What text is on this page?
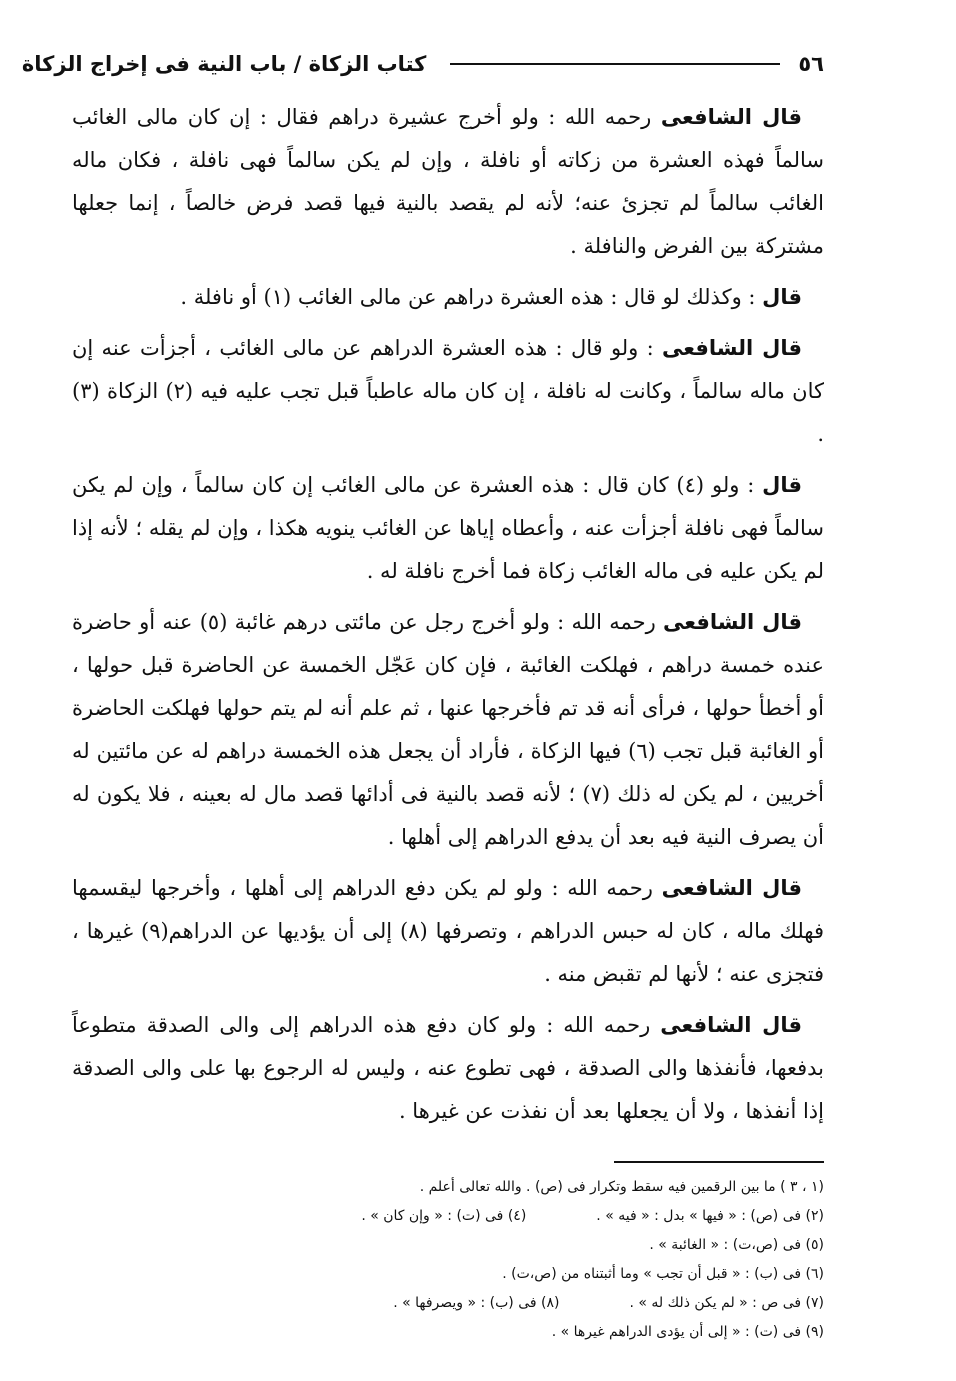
٥٦
كتاب الزكاة / باب النية فى إخراج الزكاة

قال الشافعى رحمه الله : ولو أخرج عشيرة دراهم فقال : إن كان مالى الغائب سالماً فهذه العشرة من زكاته أو نافلة ، وإن لم يكن سالماً فهى نافلة ، فكان ماله الغائب سالماً لم تجزئ عنه؛ لأنه لم يقصد بالنية فيها قصد فرض خالصاً ، إنما جعلها مشتركة بين الفرض والنافلة .

قال : وكذلك لو قال : هذه العشرة دراهم عن مالى الغائب (١) أو نافلة .

قال الشافعى : ولو قال : هذه العشرة الدراهم عن مالى الغائب ، أجزأت عنه إن كان ماله سالماً ، وكانت له نافلة ، إن كان ماله عاطباً قبل تجب عليه فيه (٢) الزكاة (٣) .

قال : ولو (٤) كان قال : هذه العشرة عن مالى الغائب إن كان سالماً ، وإن لم يكن سالماً فهى نافلة أجزأت عنه ، وأعطاه إياها عن الغائب ينويه هكذا ، وإن لم يقله ؛ لأنه إذا لم يكن عليه فى ماله الغائب زكاة فما أخرج نافلة له .

قال الشافعى رحمه الله : ولو أخرج رجل عن مائتى درهم غائبة (٥) عنه أو حاضرة عنده خمسة دراهم ، فهلكت الغائبة ، فإن كان عَجّل الخمسة عن الحاضرة قبل حولها ، أو أخطأ حولها ، فرأى أنه قد تم فأخرجها عنها ، ثم علم أنه لم يتم حولها فهلكت الحاضرة أو الغائبة قبل تجب (٦) فيها الزكاة ، فأراد أن يجعل هذه الخمسة دراهم له عن مائتين له أخريين ، لم يكن له ذلك (٧) ؛ لأنه قصد بالنية فى أدائها قصد مال له بعينه ، فلا يكون له أن يصرف النية فيه بعد أن يدفع الدراهم إلى أهلها .

قال الشافعى رحمه الله : ولو لم يكن دفع الدراهم إلى أهلها ، وأخرجها ليقسمها فهلك ماله ، كان له حبس الدراهم ، وتصرفها (٨) إلى أن يؤديها عن الدراهم(٩) غيرها ، فتجزى عنه ؛ لأنها لم تقبض منه .

قال الشافعى رحمه الله : ولو كان دفع هذه الدراهم إلى والى الصدقة متطوعاً بدفعها، فأنفذها والى الصدقة ، فهى تطوع عنه ، وليس له الرجوع بها على والى الصدقة إذا أنفذها ، ولا أن يجعلها بعد أن نفذت عن غيرها .

(١ ، ٣ ) ما بين الرقمين فيه سقط وتكرار فى (ص) . والله تعالى أعلم .
(٢) فى (ص) : « فيها » بدل : « فيه » .(٤) فى (ت) : « وإن كان » .
(٥) فى (ص،ت) : « الغائبة » .
(٦) فى (ب) : « قبل أن تجب » وما أثبتناه من (ص،ت) .
(٧) فى ص : « لم يكن ذلك له » .(٨) فى (ب) : « ويصرفها » .
(٩) فى (ت) : « إلى أن يؤدى الدراهم غيرها » .
